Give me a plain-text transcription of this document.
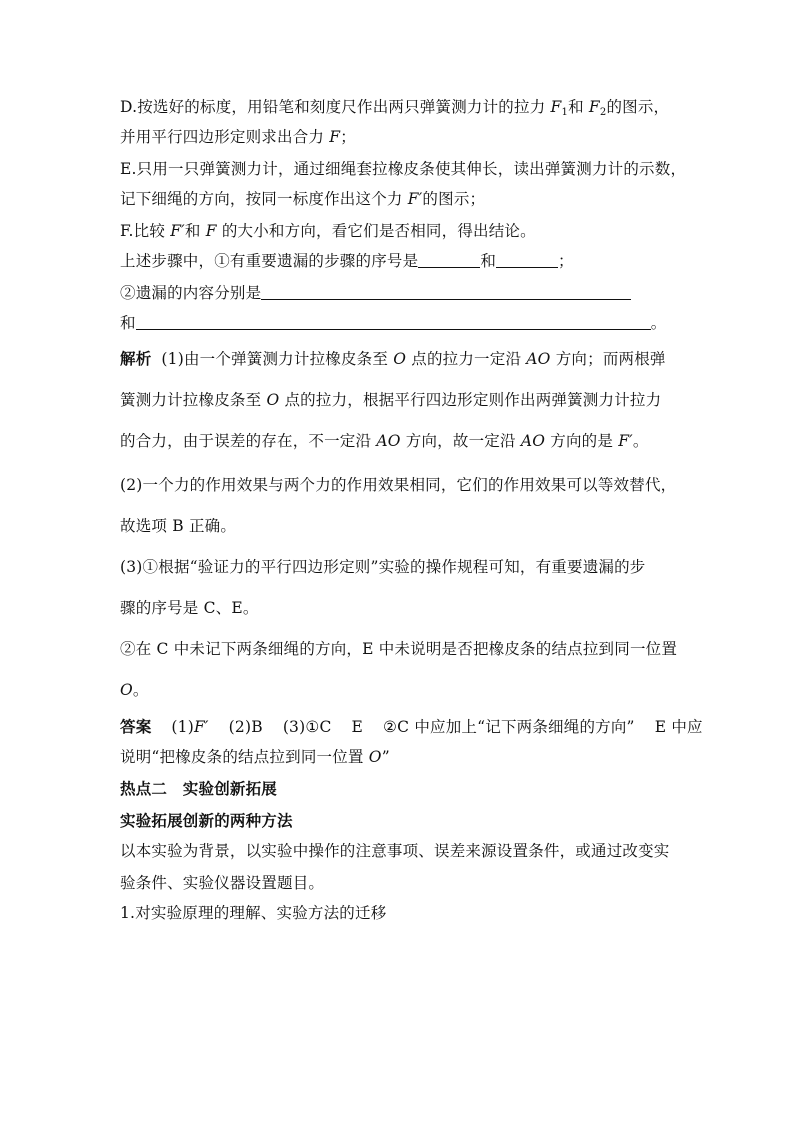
D.按选好的标度，用铅笔和刻度尺作出两只弹簧测力计的拉力 $F_1$和 $F_2$的图示，
并用平行四边形定则求出合力 F；
E.只用一只弹簧测力计，通过细绳套拉橡皮条使其伸长，读出弹簧测力计的示数，
记下细绳的方向，按同一标度作出这个力 F′的图示；
F.比较 F′和 F 的大小和方向，看它们是否相同，得出结论。
上述步骤中，①有重要遗漏的步骤的序号是	和	；
②遗漏的内容分别是
和	。
解析 (1)由一个弹簧测力计拉橡皮条至 O 点的拉力一定沿 AO 方向；而两根弹
簧测力计拉橡皮条至 O 点的拉力，根据平行四边形定则作出两弹簧测力计拉力
的合力，由于误差的存在，不一定沿 AO 方向，故一定沿 AO 方向的是 F′。
(2)一个力的作用效果与两个力的作用效果相同，它们的作用效果可以等效替代，
故选项 B 正确。
(3)①根据“验证力的平行四边形定则”实验的操作规程可知，有重要遗漏的步
骤的序号是 C、E。
②在 C 中未记下两条细绳的方向，E 中未说明是否把橡皮条的结点拉到同一位置
O。
答案 (1)F′ (2)B (3)①C E ②C 中应加上“记下两条细绳的方向” E 中应
说明“把橡皮条的结点拉到同一位置 O”
热点二　实验创新拓展
实验拓展创新的两种方法
以本实验为背景，以实验中操作的注意事项、误差来源设置条件，或通过改变实
验条件、实验仪器设置题目。
1.对实验原理的理解、实验方法的迁移
